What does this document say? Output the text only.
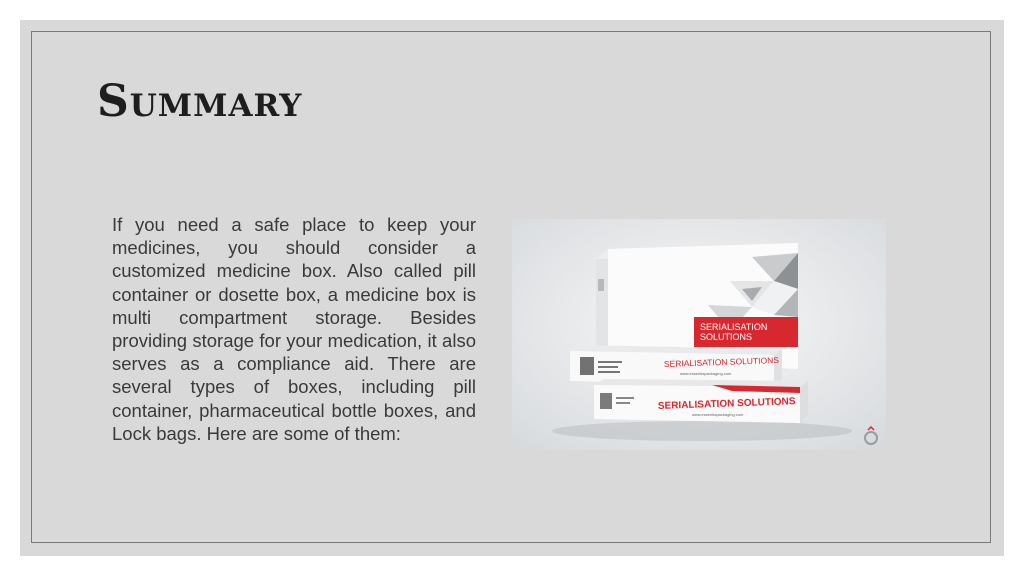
Summary

If you need a safe place to keep your medicines, you should consider a customized medicine box. Also called pill container or dosette box, a medicine box is multi compartment storage. Besides providing storage for your medication, it also serves as a compliance aid. There are several types of boxes, including pill container, pharmaceutical bottle boxes, and Lock bags. Here are some of them:

SERIALISATION
SOLUTIONS
SERIALISATION SOLUTIONS
www.essentiapackaging.com
SERIALISATION SOLUTIONS
www.essentiapackaging.com
